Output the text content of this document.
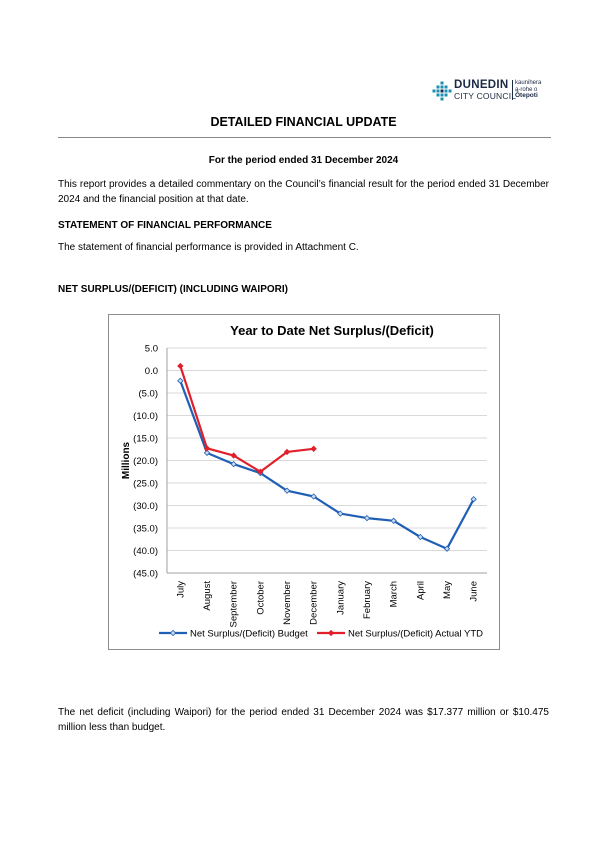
DUNEDIN
CITY COUNCIL
kaunihera
a-rohe o
Ōtepoti
DETAILED FINANCIAL UPDATE
For the period ended 31 December 2024
This report provides a detailed commentary on the Council’s financial result for the period ended 31 December 2024 and the financial position at that date.
STATEMENT OF FINANCIAL PERFORMANCE
The statement of financial performance is provided in Attachment C.
NET SURPLUS/(DEFICIT) (INCLUDING WAIPORI)
Year to Date Net Surplus/(Deficit)
5.0
0.0
(5.0)
(10.0)
(15.0)
(20.0)
(25.0)
(30.0)
(35.0)
(40.0)
(45.0)
Millions
July August September October November December January February March April May June
Net Surplus/(Deficit) Budget	Net Surplus/(Deficit) Actual YTD
The net deficit (including Waipori) for the period ended 31 December 2024 was $17.377 million or $10.475 million less than budget.
